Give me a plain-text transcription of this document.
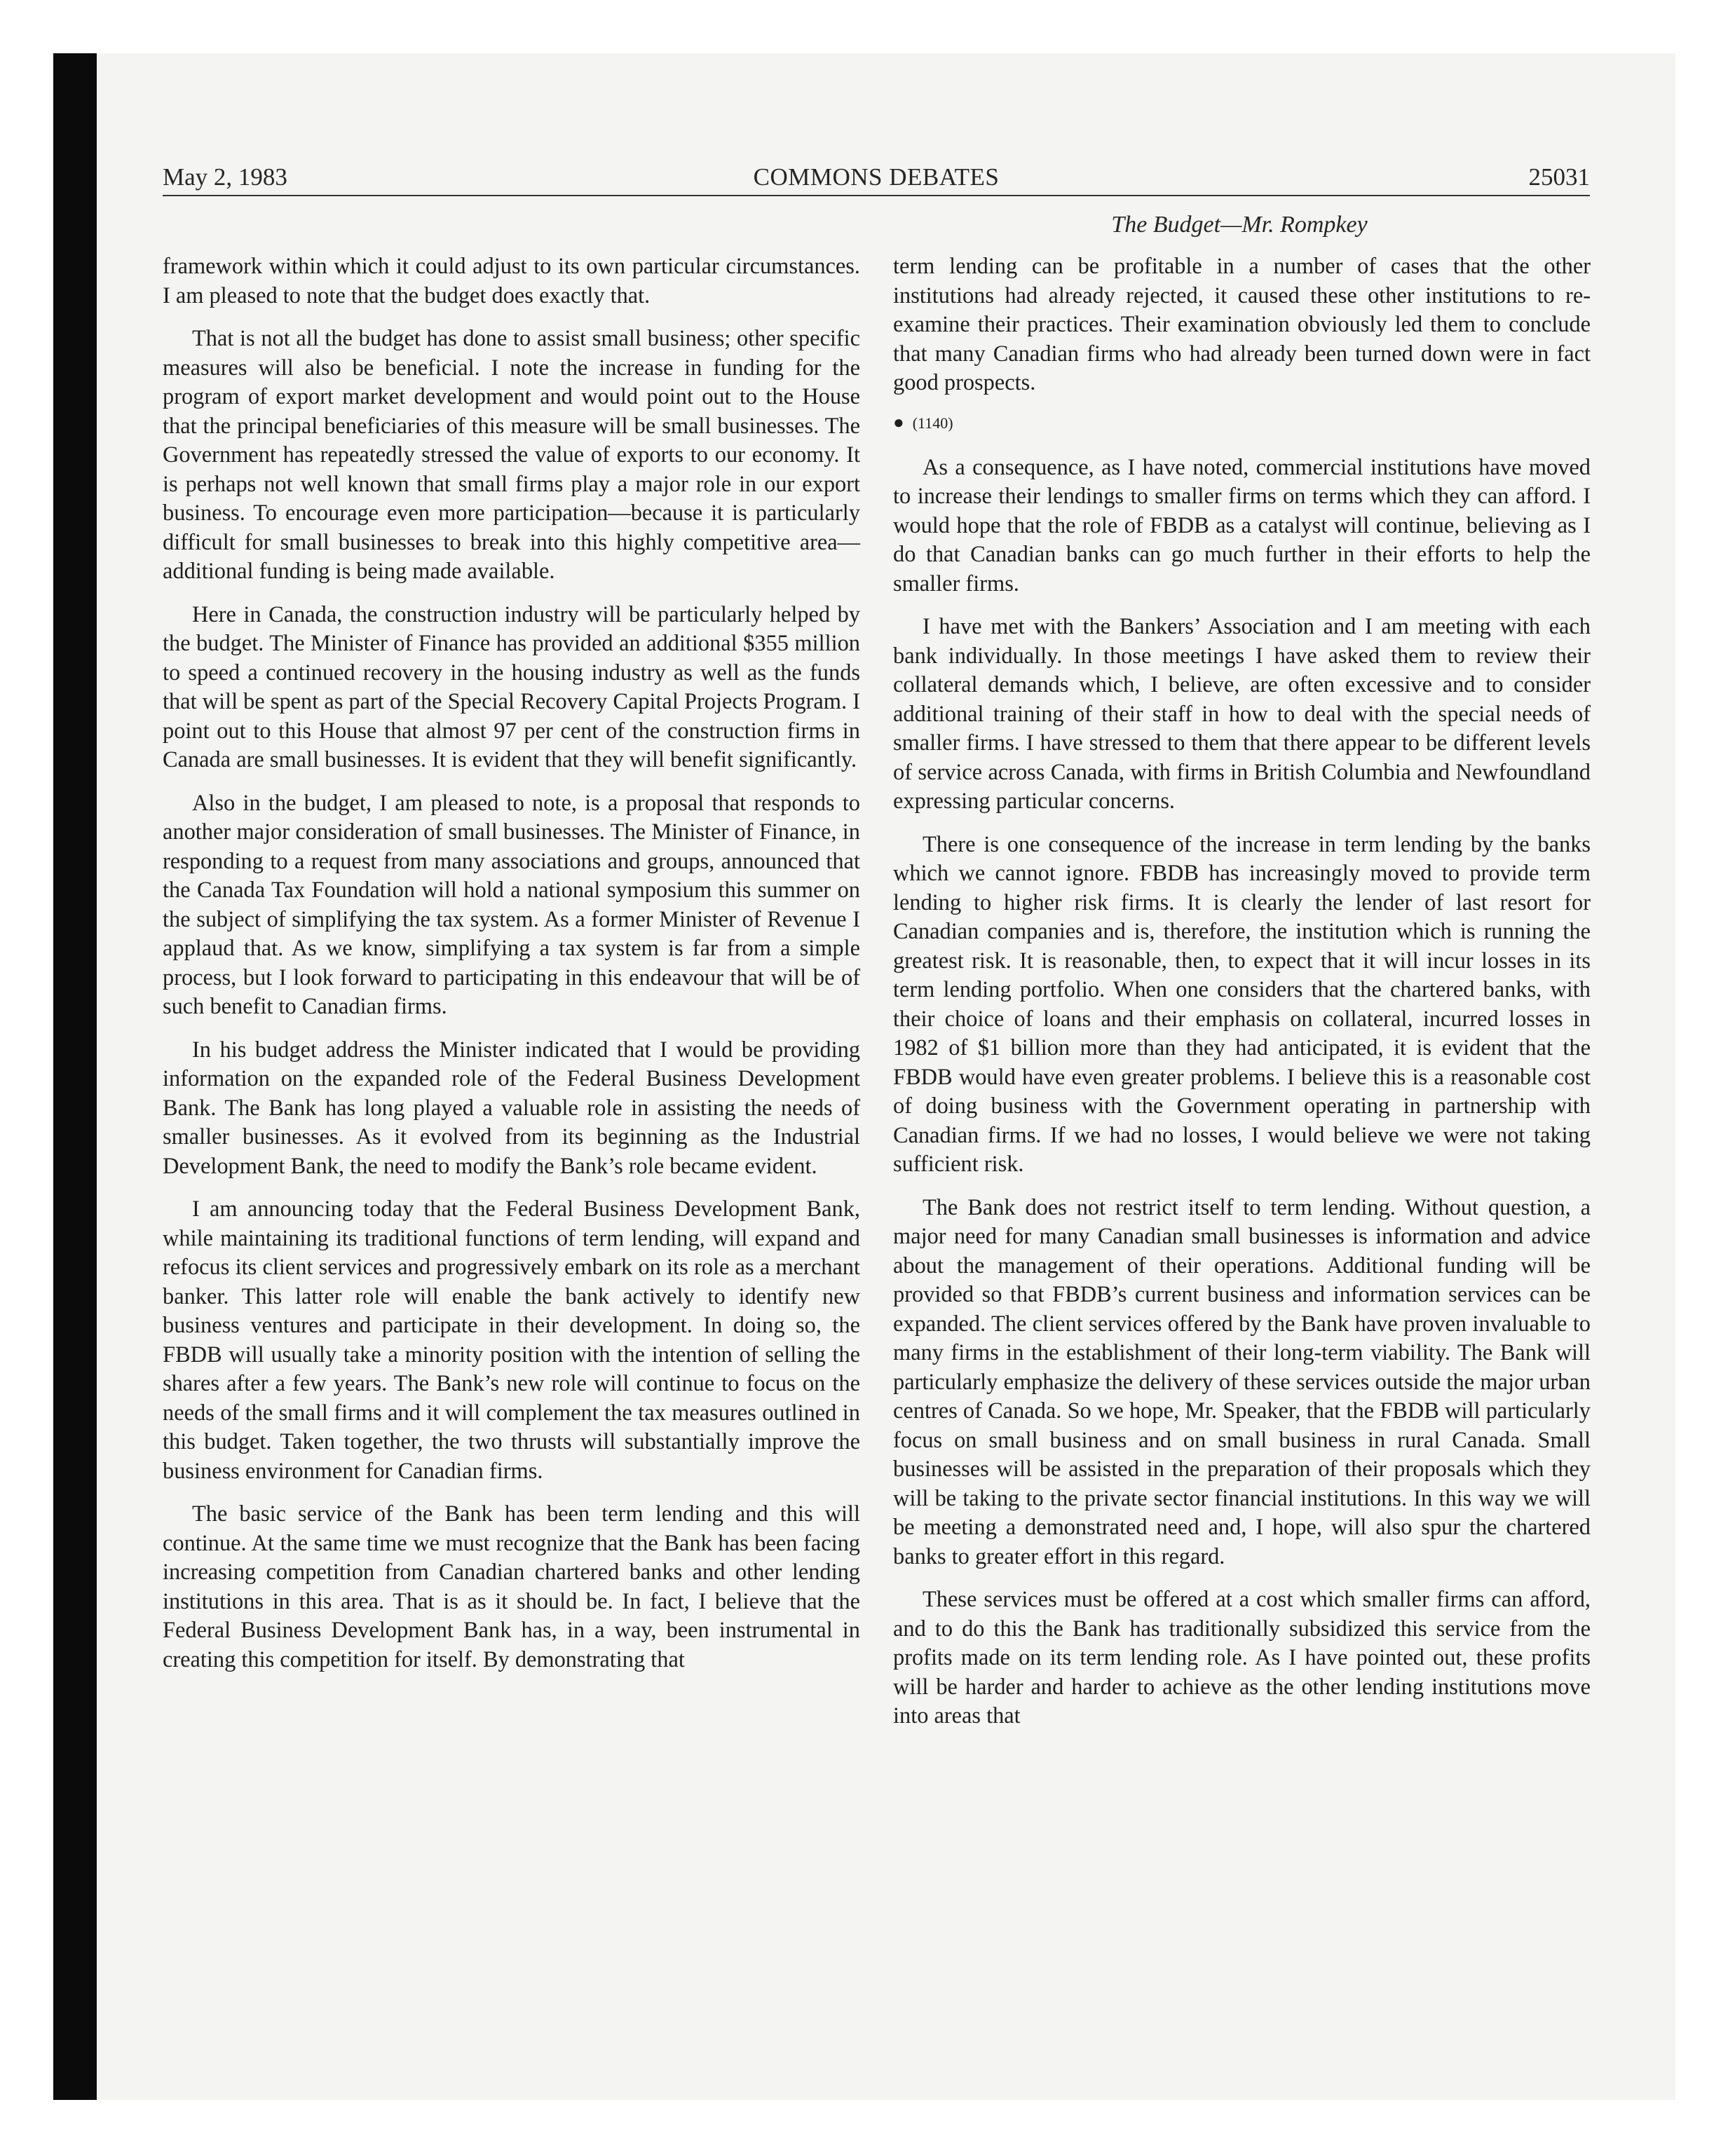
May 2, 1983	COMMONS DEBATES	25031
The Budget—Mr. Rompkey

framework within which it could adjust to its own particular circumstances. I am pleased to note that the budget does exactly that.

That is not all the budget has done to assist small business; other specific measures will also be beneficial. I note the increase in funding for the program of export market development and would point out to the House that the principal beneficiaries of this measure will be small businesses. The Government has repeatedly stressed the value of exports to our economy. It is perhaps not well known that small firms play a major role in our export business. To encourage even more participation—because it is particularly difficult for small businesses to break into this highly competitive area—additional funding is being made available.

Here in Canada, the construction industry will be particularly helped by the budget. The Minister of Finance has provided an additional $355 million to speed a continued recovery in the housing industry as well as the funds that will be spent as part of the Special Recovery Capital Projects Program. I point out to this House that almost 97 per cent of the construction firms in Canada are small businesses. It is evident that they will benefit significantly.

Also in the budget, I am pleased to note, is a proposal that responds to another major consideration of small businesses. The Minister of Finance, in responding to a request from many associations and groups, announced that the Canada Tax Foundation will hold a national symposium this summer on the subject of simplifying the tax system. As a former Minister of Revenue I applaud that. As we know, simplifying a tax system is far from a simple process, but I look forward to participating in this endeavour that will be of such benefit to Canadian firms.

In his budget address the Minister indicated that I would be providing information on the expanded role of the Federal Business Development Bank. The Bank has long played a valuable role in assisting the needs of smaller businesses. As it evolved from its beginning as the Industrial Development Bank, the need to modify the Bank’s role became evident.

I am announcing today that the Federal Business Development Bank, while maintaining its traditional functions of term lending, will expand and refocus its client services and progressively embark on its role as a merchant banker. This latter role will enable the bank actively to identify new business ventures and participate in their development. In doing so, the FBDB will usually take a minority position with the intention of selling the shares after a few years. The Bank’s new role will continue to focus on the needs of the small firms and it will complement the tax measures outlined in this budget. Taken together, the two thrusts will substantially improve the business environment for Canadian firms.

The basic service of the Bank has been term lending and this will continue. At the same time we must recognize that the Bank has been facing increasing competition from Canadian chartered banks and other lending institutions in this area. That is as it should be. In fact, I believe that the Federal Business Development Bank has, in a way, been instrumental in creating this competition for itself. By demonstrating that

term lending can be profitable in a number of cases that the other institutions had already rejected, it caused these other institutions to re-examine their practices. Their examination obviously led them to conclude that many Canadian firms who had already been turned down were in fact good prospects.

● (1140)

As a consequence, as I have noted, commercial institutions have moved to increase their lendings to smaller firms on terms which they can afford. I would hope that the role of FBDB as a catalyst will continue, believing as I do that Canadian banks can go much further in their efforts to help the smaller firms.

I have met with the Bankers’ Association and I am meeting with each bank individually. In those meetings I have asked them to review their collateral demands which, I believe, are often excessive and to consider additional training of their staff in how to deal with the special needs of smaller firms. I have stressed to them that there appear to be different levels of service across Canada, with firms in British Columbia and Newfoundland expressing particular concerns.

There is one consequence of the increase in term lending by the banks which we cannot ignore. FBDB has increasingly moved to provide term lending to higher risk firms. It is clearly the lender of last resort for Canadian companies and is, therefore, the institution which is running the greatest risk. It is reasonable, then, to expect that it will incur losses in its term lending portfolio. When one considers that the chartered banks, with their choice of loans and their emphasis on collateral, incurred losses in 1982 of $1 billion more than they had anticipated, it is evident that the FBDB would have even greater problems. I believe this is a reasonable cost of doing business with the Government operating in partnership with Canadian firms. If we had no losses, I would believe we were not taking sufficient risk.

The Bank does not restrict itself to term lending. Without question, a major need for many Canadian small businesses is information and advice about the management of their operations. Additional funding will be provided so that FBDB’s current business and information services can be expanded. The client services offered by the Bank have proven invaluable to many firms in the establishment of their long-term viability. The Bank will particularly emphasize the delivery of these services outside the major urban centres of Canada. So we hope, Mr. Speaker, that the FBDB will particularly focus on small business and on small business in rural Canada. Small businesses will be assisted in the preparation of their proposals which they will be taking to the private sector financial institutions. In this way we will be meeting a demonstrated need and, I hope, will also spur the chartered banks to greater effort in this regard.

These services must be offered at a cost which smaller firms can afford, and to do this the Bank has traditionally subsidized this service from the profits made on its term lending role. As I have pointed out, these profits will be harder and harder to achieve as the other lending institutions move into areas that
